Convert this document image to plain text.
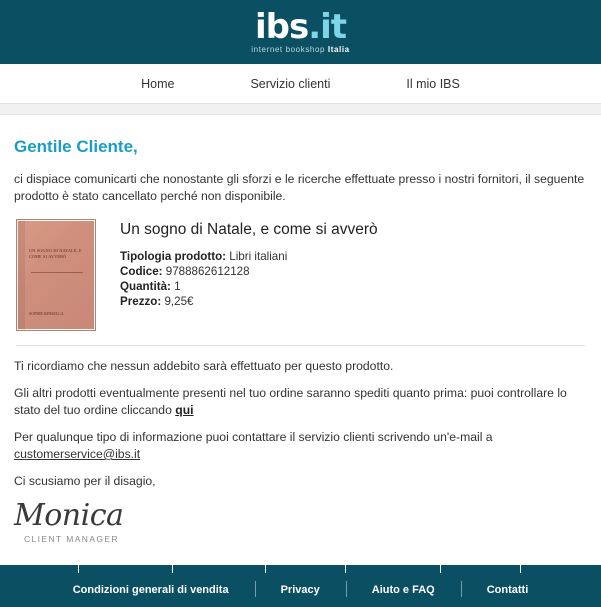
ibs.it
internet bookshop Italia
Home	Servizio clienti	Il mio IBS
Gentile Cliente,

ci dispiace comunicarti che nonostante gli sforzi e le ricerche effettuate presso i nostri fornitori, il seguente prodotto è stato cancellato perché non disponibile.

UN SOGNO DI NATALE, E COME SI AVVERÒ
SOPHIE KINSELLA
Un sogno di Natale, e come si avverò
Tipologia prodotto: Libri italiani
Codice: 9788862612128
Quantità: 1
Prezzo: 9,25€

Ti ricordiamo che nessun addebito sarà effettuato per questo prodotto.

Gli altri prodotti eventualmente presenti nel tuo ordine saranno spediti quanto prima: puoi controllare lo stato del tuo ordine cliccando qui

Per qualunque tipo di informazione puoi contattare il servizio clienti scrivendo un'e-mail a
customerservice@ibs.it

Ci scusiamo per il disagio,

Monica
CLIENT MANAGER
Condizioni generali di vendita	Privacy	Aiuto e FAQ	Contatti
